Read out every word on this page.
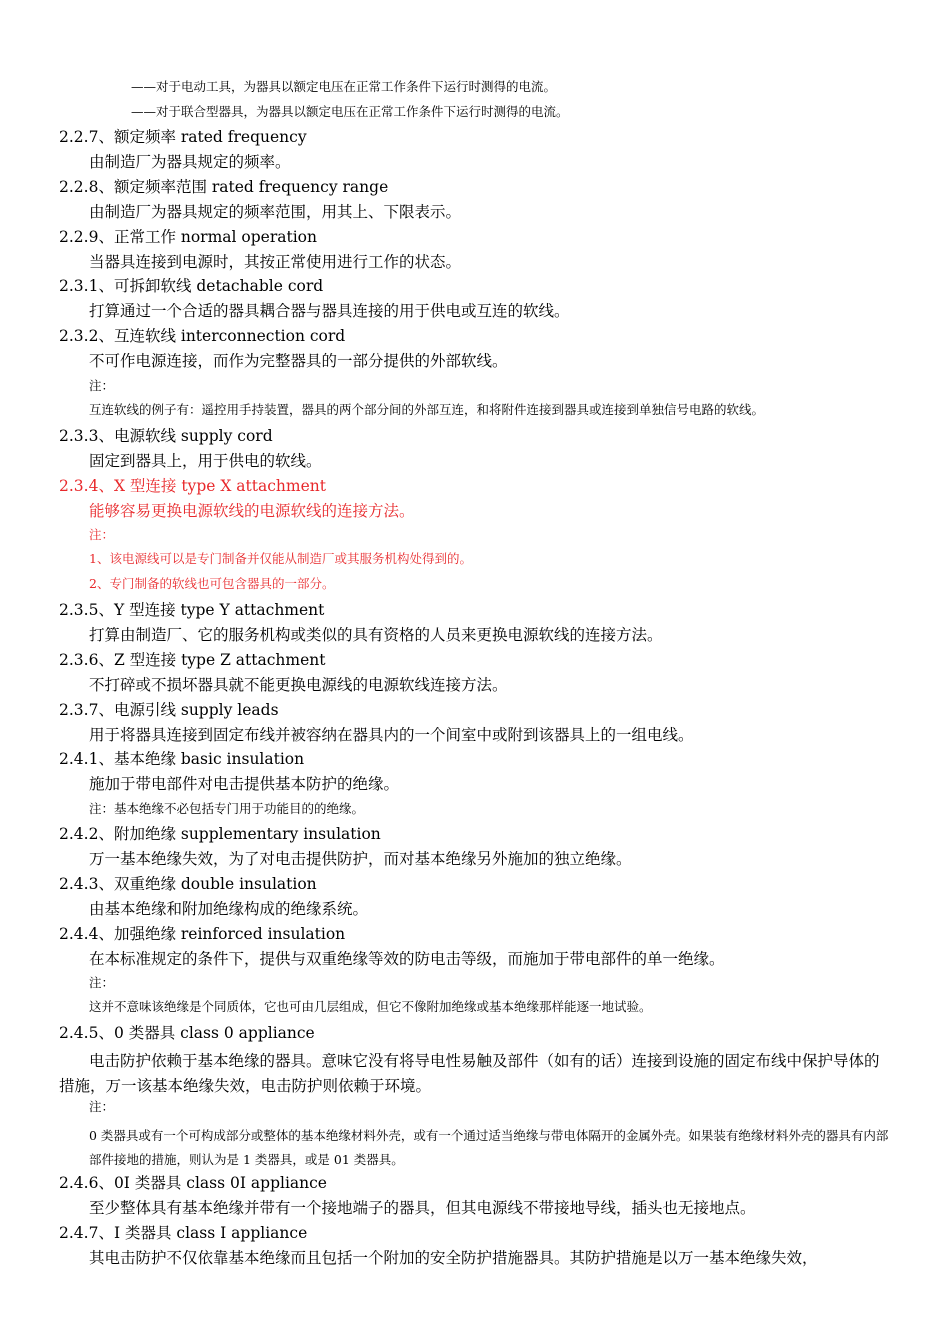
——对于电动工具，为器具以额定电压在正常工作条件下运行时测得的电流。

——对于联合型器具，为器具以额定电压在正常工作条件下运行时测得的电流。

2.2.7、额定频率 rated frequency

由制造厂为器具规定的频率。

2.2.8、额定频率范围 rated frequency range

由制造厂为器具规定的频率范围，用其上、下限表示。

2.2.9、正常工作 normal operation

当器具连接到电源时，其按正常使用进行工作的状态。

2.3.1、可拆卸软线 detachable cord

打算通过一个合适的器具耦合器与器具连接的用于供电或互连的软线。

2.3.2、互连软线 interconnection cord

不可作电源连接，而作为完整器具的一部分提供的外部软线。

注：

互连软线的例子有：遥控用手持装置，器具的两个部分间的外部互连，和将附件连接到器具或连接到单独信号电路的软线。

2.3.3、电源软线 supply cord

固定到器具上，用于供电的软线。

2.3.4、X 型连接 type X attachment

能够容易更换电源软线的电源软线的连接方法。

注：

1、该电源线可以是专门制备并仅能从制造厂或其服务机构处得到的。

2、专门制备的软线也可包含器具的一部分。

2.3.5、Y 型连接 type Y attachment

打算由制造厂、它的服务机构或类似的具有资格的人员来更换电源软线的连接方法。

2.3.6、Z 型连接 type Z attachment

不打碎或不损坏器具就不能更换电源线的电源软线连接方法。

2.3.7、电源引线 supply leads

用于将器具连接到固定布线并被容纳在器具内的一个间室中或附到该器具上的一组电线。

2.4.1、基本绝缘 basic insulation

施加于带电部件对电击提供基本防护的绝缘。

注：基本绝缘不必包括专门用于功能目的的绝缘。

2.4.2、附加绝缘 supplementary insulation

万一基本绝缘失效，为了对电击提供防护，而对基本绝缘另外施加的独立绝缘。

2.4.3、双重绝缘 double insulation

由基本绝缘和附加绝缘构成的绝缘系统。

2.4.4、加强绝缘 reinforced insulation

在本标准规定的条件下，提供与双重绝缘等效的防电击等级，而施加于带电部件的单一绝缘。

注：

这并不意味该绝缘是个同质体，它也可由几层组成，但它不像附加绝缘或基本绝缘那样能逐一地试验。

2.4.5、0 类器具 class 0 appliance

电击防护依赖于基本绝缘的器具。意味它没有将导电性易触及部件（如有的话）连接到设施的固定布线中保护导体的措施，万一该基本绝缘失效，电击防护则依赖于环境。

注：

0 类器具或有一个可构成部分或整体的基本绝缘材料外壳，或有一个通过适当绝缘与带电体隔开的金属外壳。如果装有绝缘材料外壳的器具有内部部件接地的措施，则认为是 1 类器具，或是 01 类器具。

2.4.6、0I 类器具 class 0I appliance

至少整体具有基本绝缘并带有一个接地端子的器具，但其电源线不带接地导线，插头也无接地点。

2.4.7、I 类器具 class I appliance

其电击防护不仅依靠基本绝缘而且包括一个附加的安全防护措施器具。其防护措施是以万一基本绝缘失效，
